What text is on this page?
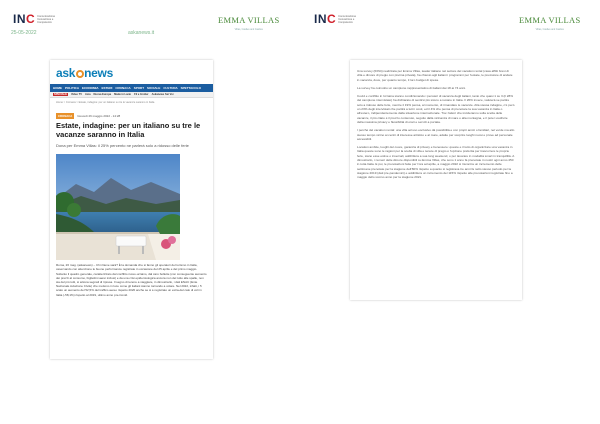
INC Comunicazione Innovazione e Competenze	EMMA VILLAS
Villas, Castles and Castles
INC Comunicazione Innovazione e Competenze	EMMA VILLAS
Villas, Castles and Castles
25-05-2022	askanews.it
ask news
HOME POLITICA ECONOMIA ESTERI CRONACA SPORT SOCIALE CULTURA SPETTACOLO
SPECIALE	Video TV Asia Nuova Europa Made in Lazio Fil e Grolier Askanews Sei Voi
Home > Cronaca > Estate, indagine: per un italiano su tre le vacanze saranno in Italia
CRONACA	Giovedì 26 maggio 2022 - 14:28
Estate, indagine: per un italiano su tre le vacanze saranno in Italia
Dona per Emma Villas: il 25% percento ne parlerà solo a ridosso delle ferie
Roma, 26 mag. (askanews) – Chi ritiene sarà? È la domanda che si fanno gli operatori del turismo in Italia, osservando con attenzione le buone performance registrate in occasione del 25 aprile e del primo maggio. Soltanto il quadro generale, caratterizzato dal conflitto russo-ucraino, dal caro bollette (con conseguente aumento dei prezzi al consumo, bigliettini aerei inclusi) e da una crisi epidemiologica ancora non del tutto alle spalle, non sia del più tutti, si aziona segnali di ripresa. Il segno di tenore a viaggiare, in dimostrarlo, i dati ENAC (Ente Nazionale Aviazione Civile) che mettono in luce come gli italiani stanno tornando a volare. Nel 2022, infatti, i 5 scalo un aumento del 52,5% del traffico aereo rispetto 2020 anche se si è registrato un extra-del calo di voli in Italia (-58,1%) rispetto al 2019, ultimo anno pre-Covid.

Una survey (IDN4) realizzata per Emma Villas, leader italiano nel settore del vacation rental (casa affitti brevi di villa e dimore di pregio con piscina privata), ha chiesto agli italiani i programmi per l'estate, le previsione di andare in vacanza, dove, per quanto tempo, il loro budget di spesa.

La survey ha coinvolto un campione rappresentativo di italiani dai 18 ai 74 anni.

Covid e conflitto in Ucraina stanno condizionando i pensieri di vacanza degli italiani, tanto che quasi 1 su 3 (il 28% del campione intervistato) ha dichiarato di sentirsi più sicuro a restare in Italia. Il 26% invece, valuterà se partire solo a ridosso delle ferie, mentre il 19% pensa, al momento, di rimandare le vacanze. Alla stessa indagine, c'è però un 23% degli intervistati che partirà a tutti i costi, ed il 4% che pensa di prenotare la sua vacanza in Italia o all'estero, indipendentemente dalla situazione internazionale. Tra i fattori che incideranno sulla scelta delle vacanze, il più citato è il prezzo contenuto, seguito dalla vicinanza di mare o alla montagna, e il poter usufruire della massima privacy e flessibilità di orari e servizi a portata.

I perché del vacation rental: una villa ad uso esclusivo dà possibilità e con propri amici o familiari, nel verde ma allo stesso tempo vicino ai centri di interesse artistico e al mare, adatte per scoprire luoghi nuovi e prove ad personale accessibili.

Location ambite, luoghi del cuore, garanzia di privacy e benessere: queste e il tutto di organizzare una vacanza in Italia queste sono le ragioni per la scelta di villa e tenute di pregio è l'opzione preferita per trascorrere le proprie ferie, siano esse estive o invernali, addirittura a sua long weekend, o per lavorare in modalità smart in tranquillità. A dimostrarlo, i numeri delle dimore disponibili su Emma Villas, che sono 1 anno fa prenotate in nostri ogni anno 450 in tutta Italia. E poi, le prenotazioni fatte per l'ora ad aprile, a maggio 2022 si riscontra un incremento delle settimane prenotate per la stagione dell'80% rispetto a quanto si registrava tre anni fa nello stesso periodo per la stagione 2019 (dati pre-pandemici) e addirittura un incremento del 115% rispetto alle prenotazioni registrate fino a maggio dello scorso anno per la stagione 2021.
